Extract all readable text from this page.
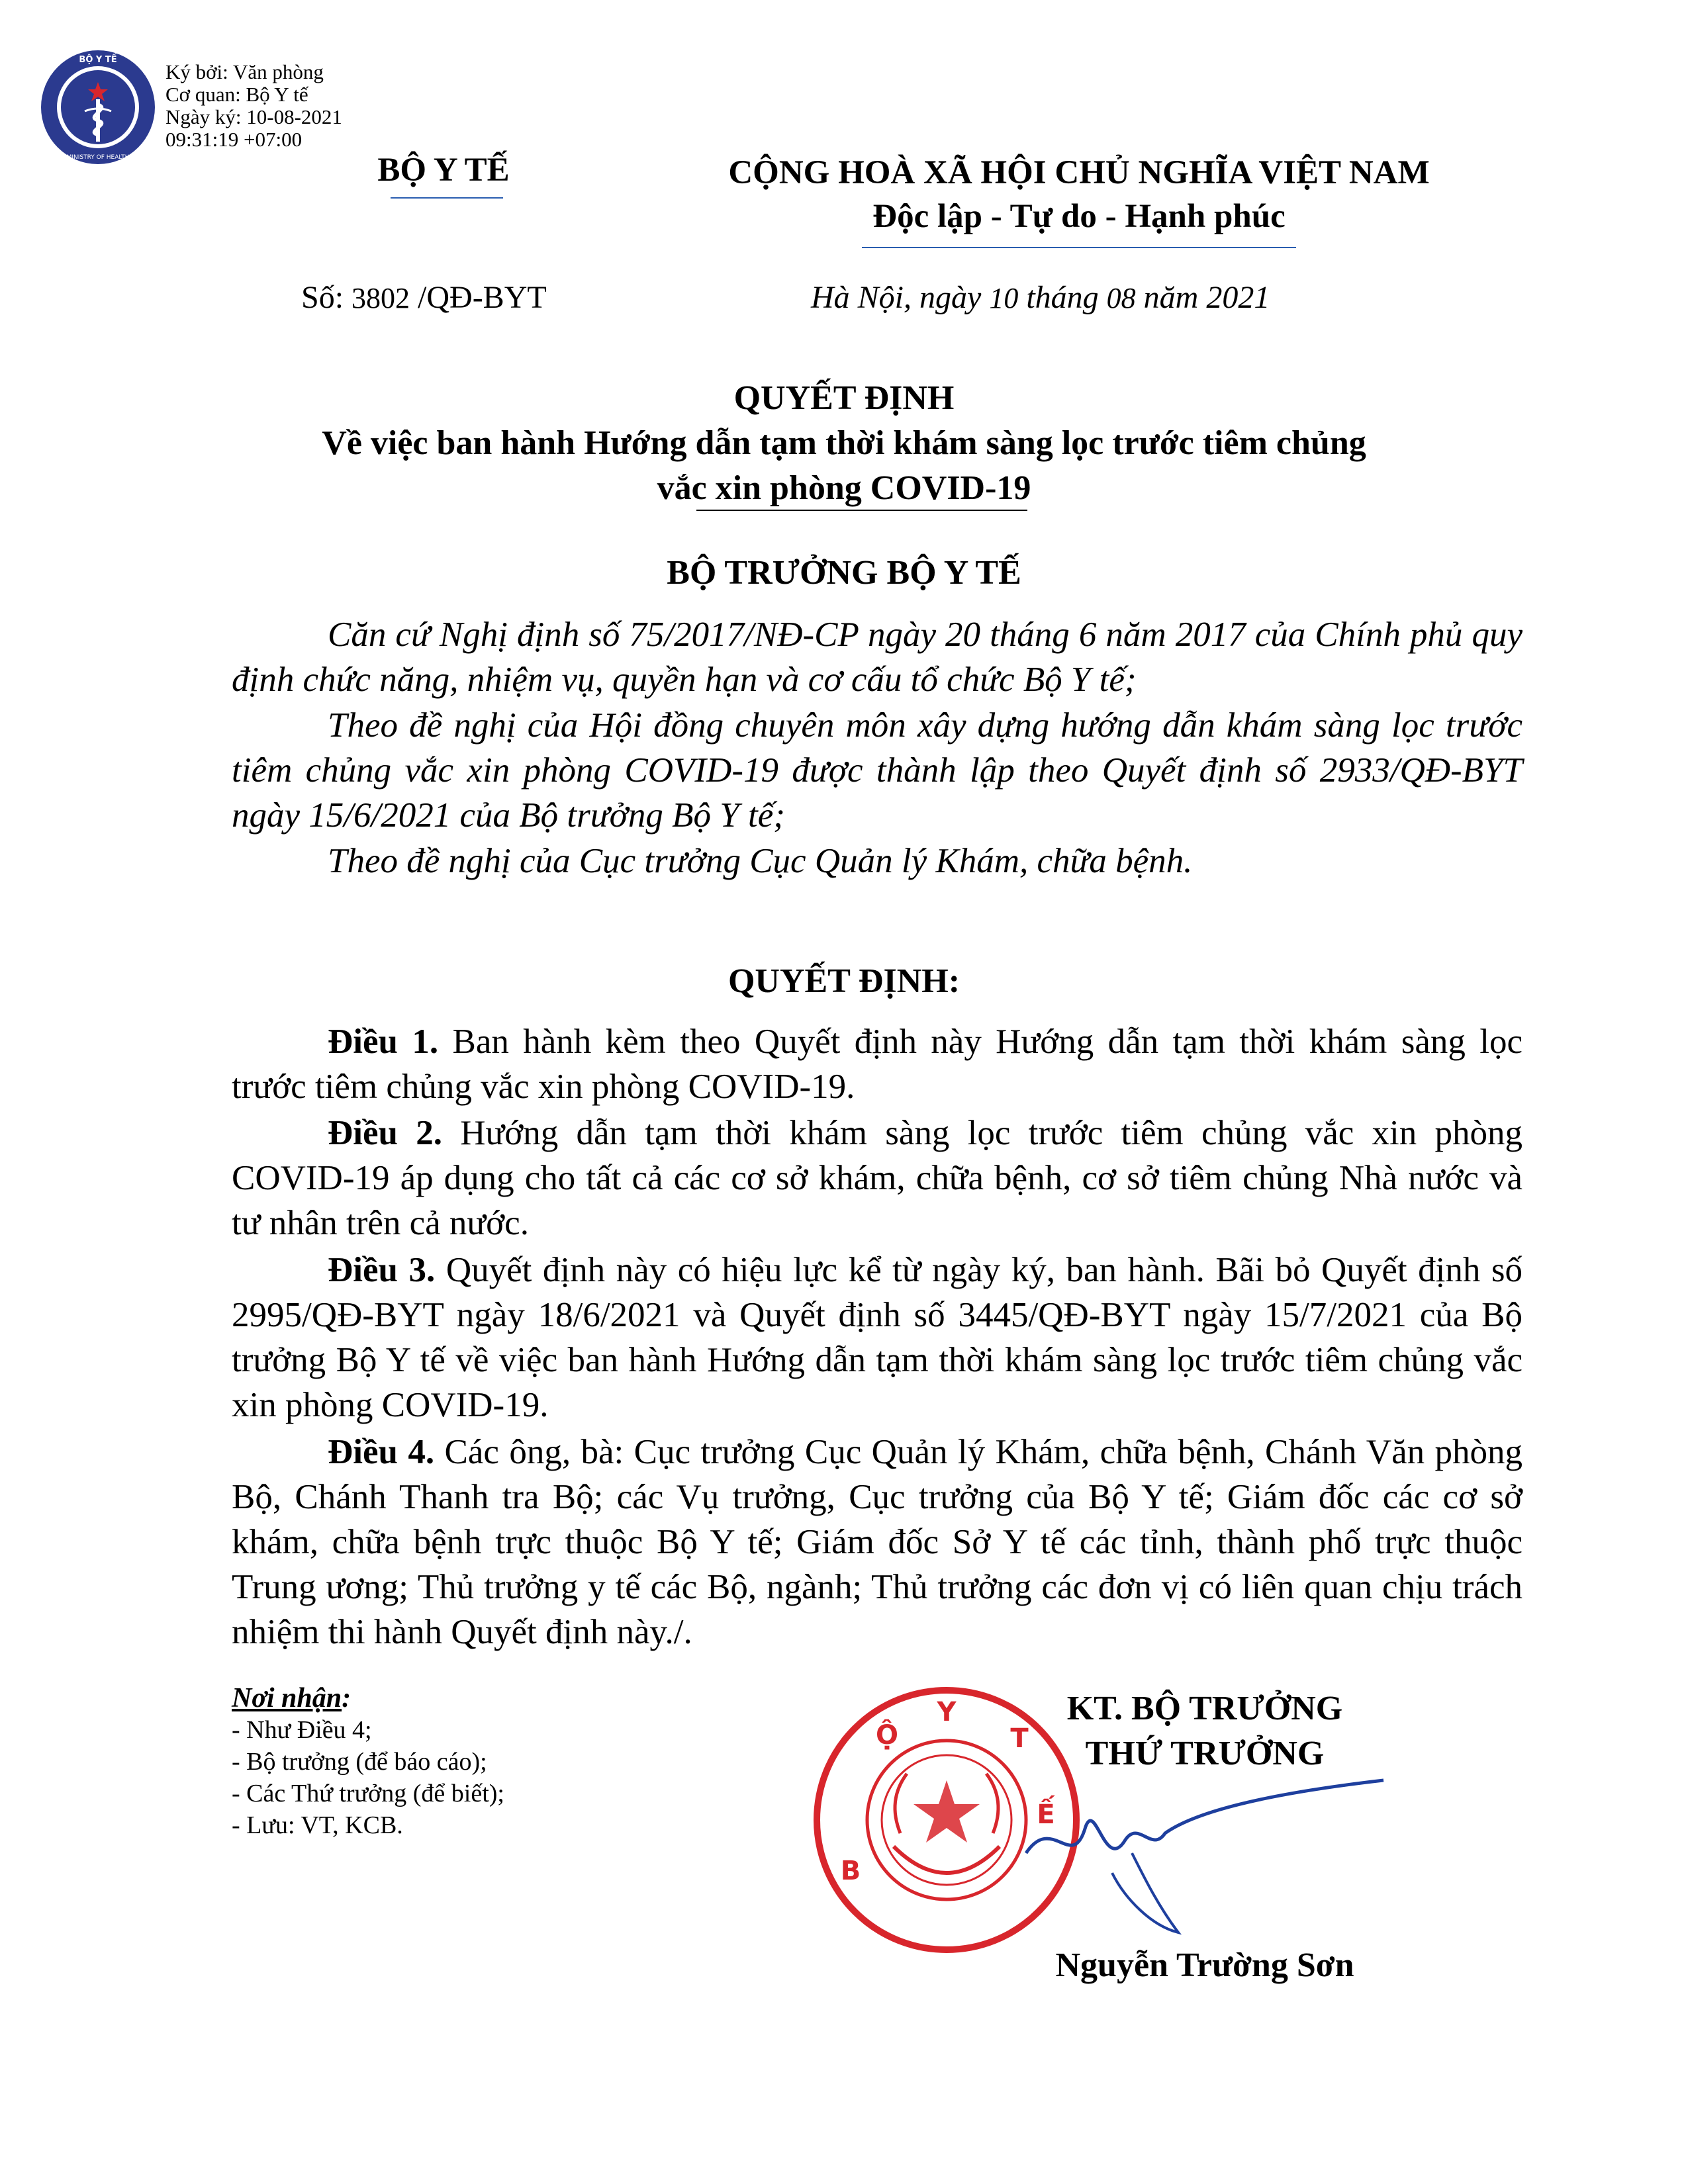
BỘ Y TẾ
MINISTRY OF HEALTH
Ký bởi: Văn phòng
Cơ quan: Bộ Y tế
Ngày ký: 10-08-2021
09:31:19 +07:00
BỘ Y TẾ	CỘNG HOÀ XÃ HỘI CHỦ NGHĨA VIỆT NAM
Độc lập - Tự do - Hạnh phúc
Số: 3802 /QĐ-BYT	Hà Nội, ngày 10 tháng 08 năm 2021
QUYẾT ĐỊNH
Về việc ban hành Hướng dẫn tạm thời khám sàng lọc trước tiêm chủng
vắc xin phòng COVID-19
BỘ TRƯỞNG BỘ Y TẾ
Căn cứ Nghị định số 75/2017/NĐ-CP ngày 20 tháng 6 năm 2017 của Chính phủ quy định chức năng, nhiệm vụ, quyền hạn và cơ cấu tổ chức Bộ Y tế;
Theo đề nghị của Hội đồng chuyên môn xây dựng hướng dẫn khám sàng lọc trước tiêm chủng vắc xin phòng COVID-19 được thành lập theo Quyết định số 2933/QĐ-BYT ngày 15/6/2021 của Bộ trưởng Bộ Y tế;
Theo đề nghị của Cục trưởng Cục Quản lý Khám, chữa bệnh.
QUYẾT ĐỊNH:
Điều 1. Ban hành kèm theo Quyết định này Hướng dẫn tạm thời khám sàng lọc trước tiêm chủng vắc xin phòng COVID-19.
Điều 2. Hướng dẫn tạm thời khám sàng lọc trước tiêm chủng vắc xin phòng COVID-19 áp dụng cho tất cả các cơ sở khám, chữa bệnh, cơ sở tiêm chủng Nhà nước và tư nhân trên cả nước.
Điều 3. Quyết định này có hiệu lực kể từ ngày ký, ban hành. Bãi bỏ Quyết định số 2995/QĐ-BYT ngày 18/6/2021 và Quyết định số 3445/QĐ-BYT ngày 15/7/2021 của Bộ trưởng Bộ Y tế về việc ban hành Hướng dẫn tạm thời khám sàng lọc trước tiêm chủng vắc xin phòng COVID-19.
Điều 4. Các ông, bà: Cục trưởng Cục Quản lý Khám, chữa bệnh, Chánh Văn phòng Bộ, Chánh Thanh tra Bộ; các Vụ trưởng, Cục trưởng của Bộ Y tế; Giám đốc các cơ sở khám, chữa bệnh trực thuộc Bộ Y tế; Giám đốc Sở Y tế các tỉnh, thành phố trực thuộc Trung ương; Thủ trưởng y tế các Bộ, ngành; Thủ trưởng các đơn vị có liên quan chịu trách nhiệm thi hành Quyết định này./.
Nơi nhận:
- Như Điều 4;
- Bộ trưởng (để báo cáo);
- Các Thứ trưởng (để biết);
- Lưu: VT, KCB.
Y
Ộ
B
T
Ế
KT. BỘ TRƯỞNG
THỨ TRƯỞNG
Nguyễn Trường Sơn
